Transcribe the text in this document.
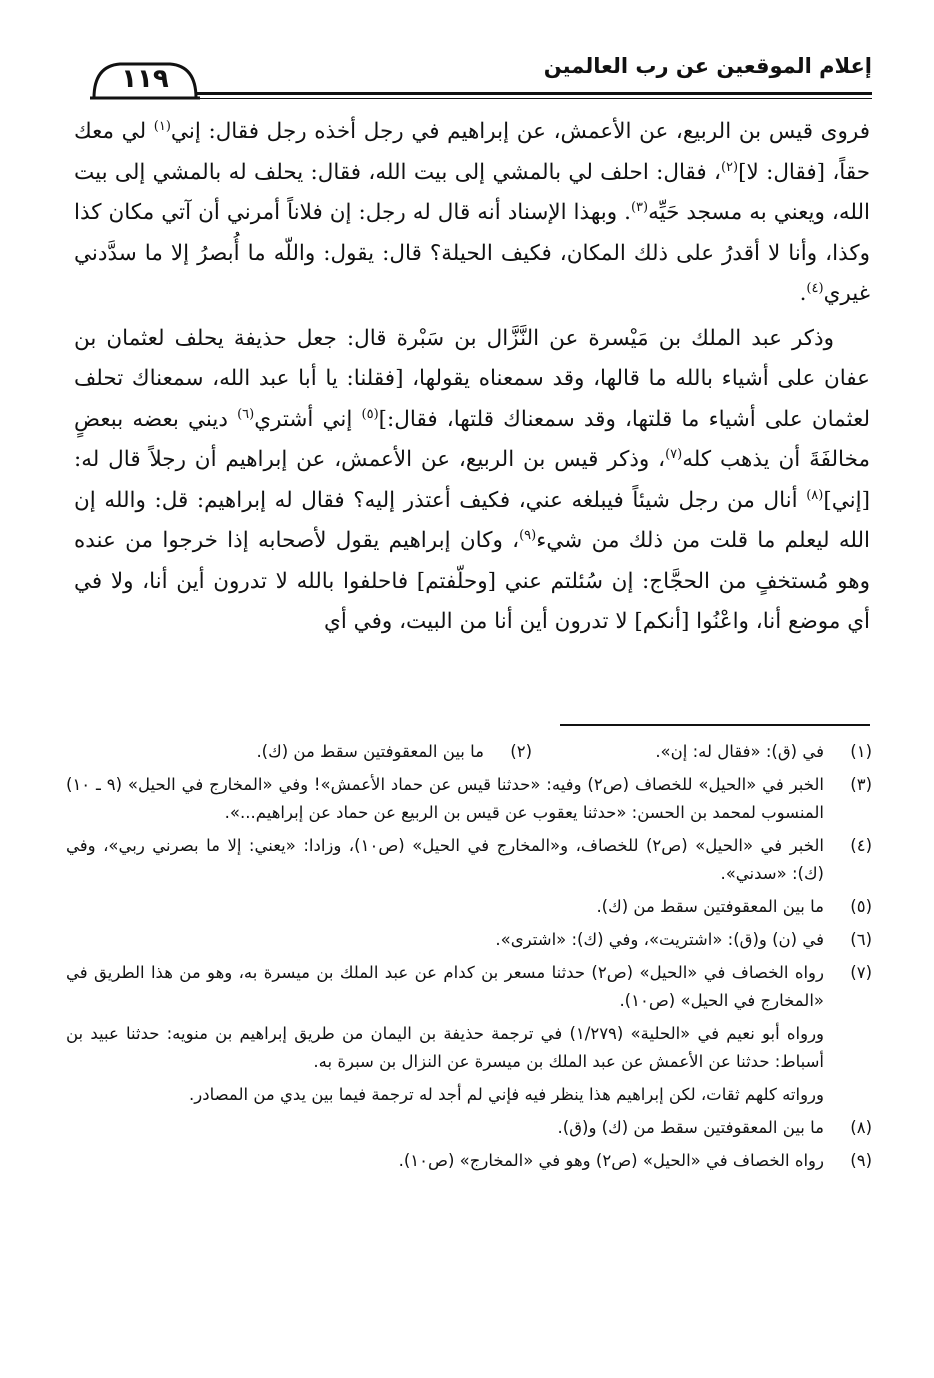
إعلام الموقعين عن رب العالمين
١١٩

فروى قيس بن الربيع، عن الأعمش، عن إبراهيم في رجل أخذه رجل فقال: إني$^{(١)}$ لي معك حقاً، [فقال: لا]$^{(٢)}$، فقال: احلف لي بالمشي إلى بيت الله، فقال: يحلف له بالمشي إلى بيت الله، ويعني به مسجد حَيِّه$^{(٣)}$. وبهذا الإسناد أنه قال له رجل: إن فلاناً أمرني أن آتي مكان كذا وكذا، وأنا لا أقدرُ على ذلك المكان، فكيف الحيلة؟ قال: يقول: واللّه ما أُبصرُ إلا ما سدَّدني غيري$^{(٤)}$.

وذكر عبد الملك بن مَيْسرة عن النَّزَّال بن سَبْرة قال: جعل حذيفة يحلف لعثمان بن عفان على أشياء بالله ما قالها، وقد سمعناه يقولها، [فقلنا: يا أبا عبد الله، سمعناك تحلف لعثمان على أشياء ما قلتها، وقد سمعناك قلتها، فقال:]$^{(٥)}$ إني أشتري$^{(٦)}$ ديني بعضه ببعضٍ مخالفَةَ أن يذهب كله$^{(٧)}$، وذكر قيس بن الربيع، عن الأعمش، عن إبراهيم أن رجلاً قال له: [إني]$^{(٨)}$ أنال من رجل شيئاً فيبلغه عني، فكيف أعتذر إليه؟ فقال له إبراهيم: قل: والله إن الله ليعلم ما قلت من ذلك من شيء$^{(٩)}$، وكان إبراهيم يقول لأصحابه إذا خرجوا من عنده وهو مُستخفٍ من الحجَّاج: إن سُئلتم عني [وحلّفتم] فاحلفوا بالله لا تدرون أين أنا، ولا في أي موضع أنا، واعْنُوا [أنكم] لا تدرون أين أنا من البيت، وفي أي

(١)
في (ق): «فقال له: إن».
(٢)
ما بين المعقوفتين سقط من (ك).
(٣)
الخبر في «الحيل» للخصاف (ص٢) وفيه: «حدثنا قيس عن حماد الأعمش»! وفي «المخارج في الحيل» (٩ ـ ١٠) المنسوب لمحمد بن الحسن: «حدثنا يعقوب عن قيس بن الربيع عن حماد عن إبراهيم...».
(٤)
الخبر في «الحيل» (ص٢) للخصاف، و«المخارج في الحيل» (ص١٠)، وزادا: «يعني: إلا ما بصرني ربي»، وفي (ك): «سدني».
(٥)
ما بين المعقوفتين سقط من (ك).
(٦)
في (ن) و(ق): «اشتريت»، وفي (ك): «اشترى».
(٧)
رواه الخصاف في «الحيل» (ص٢) حدثنا مسعر بن كدام عن عبد الملك بن ميسرة به، وهو من هذا الطريق في «المخارج في الحيل» (ص١٠).
ورواه أبو نعيم في «الحلية» (١/٢٧٩) في ترجمة حذيفة بن اليمان من طريق إبراهيم بن منويه: حدثنا عبيد بن أسباط: حدثنا عن الأعمش عن عبد الملك بن ميسرة عن النزال بن سبرة به.
ورواته كلهم ثقات، لكن إبراهيم هذا ينظر فيه فإني لم أجد له ترجمة فيما بين يدي من المصادر.
(٨)
ما بين المعقوفتين سقط من (ك) و(ق).
(٩)
رواه الخصاف في «الحيل» (ص٢) وهو في «المخارج» (ص١٠).
